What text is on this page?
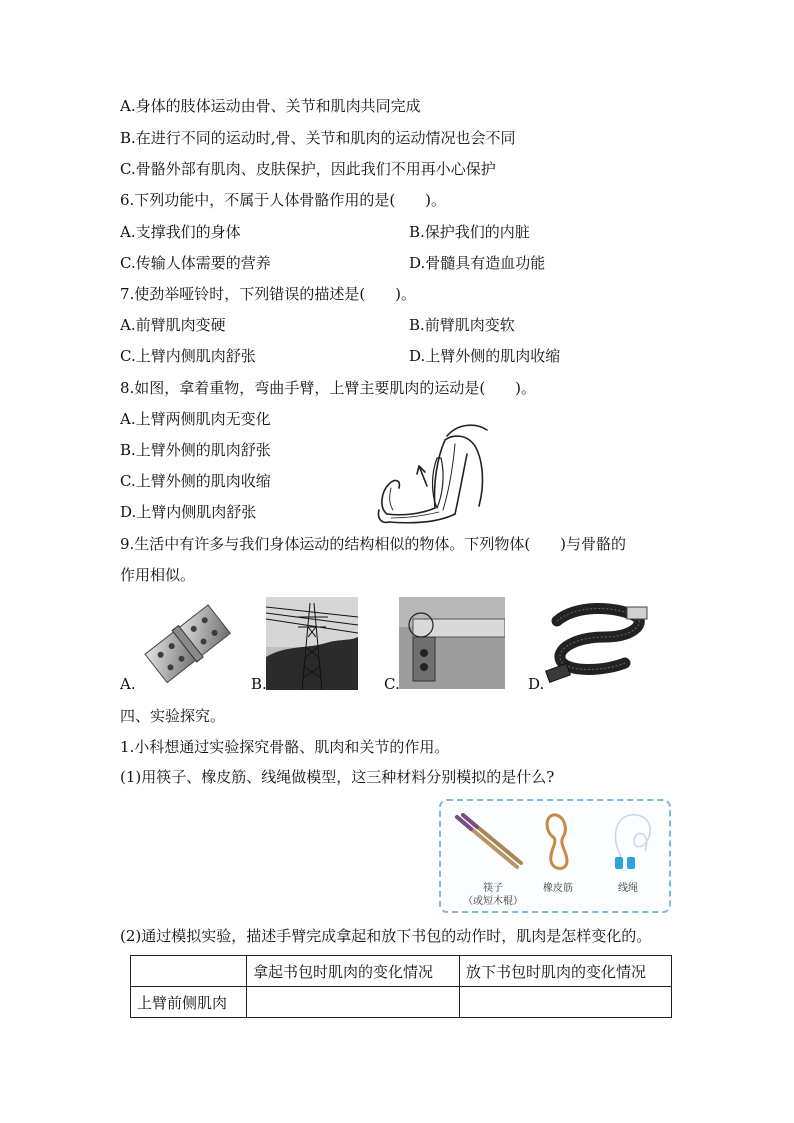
A.身体的肢体运动由骨、关节和肌肉共同完成
B.在进行不同的运动时,骨、关节和肌肉的运动情况也会不同
C.骨骼外部有肌肉、皮肤保护，因此我们不用再小心保护
6.下列功能中，不属于人体骨骼作用的是(　　)。
A.支撑我们的身体	B.保护我们的内脏
C.传输人体需要的营养	D.骨髓具有造血功能
7.使劲举哑铃时，下列错误的描述是(　　)。
A.前臂肌肉变硬	B.前臂肌肉变软
C.上臂内侧肌肉舒张	D.上臂外侧的肌肉收缩
8.如图，拿着重物，弯曲手臂，上臂主要肌肉的运动是(　　)。
A.上臂两侧肌肉无变化
B.上臂外侧的肌肉舒张
C.上臂外侧的肌肉收缩
D.上臂内侧肌肉舒张
9.生活中有许多与我们身体运动的结构相似的物体。下列物体(　　)与骨骼的
作用相似。
A.	B.	C.	D.
四、实验探究。
1.小科想通过实验探究骨骼、肌肉和关节的作用。
(1)用筷子、橡皮筋、线绳做模型，这三种材料分别模拟的是什么?
筷子
（或短木棍）
橡皮筋	线绳
(2)通过模拟实验，描述手臂完成拿起和放下书包的动作时，肌肉是怎样变化的。
	拿起书包时肌肉的变化情况	放下书包时肌肉的变化情况
上臂前侧肌肉		
